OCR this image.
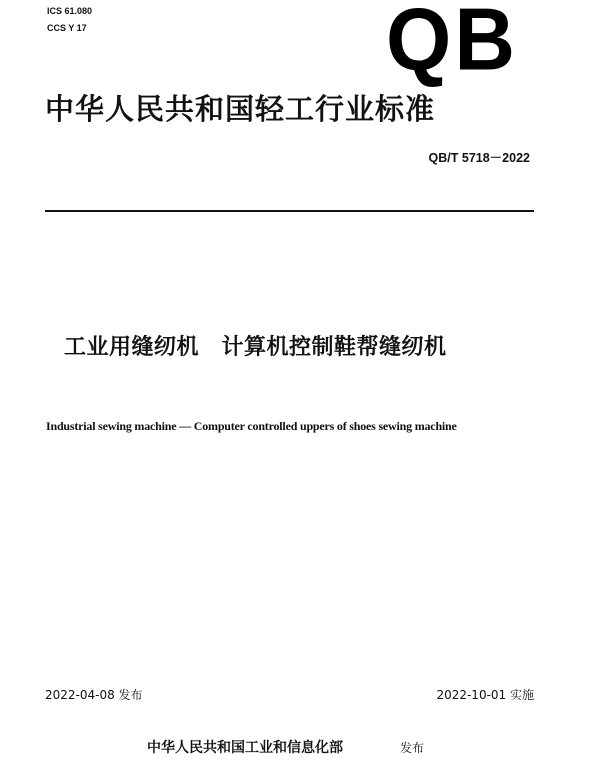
ICS 61.080
CCS Y 17	QB
中华人民共和国轻工行业标准
QB/T 5718－2022
工业用缝纫机　计算机控制鞋帮缝纫机
Industrial sewing machine — Computer controlled uppers of shoes sewing machine
2022-04-08 发布	2022-10-01 实施
中华人民共和国工业和信息化部	发布
